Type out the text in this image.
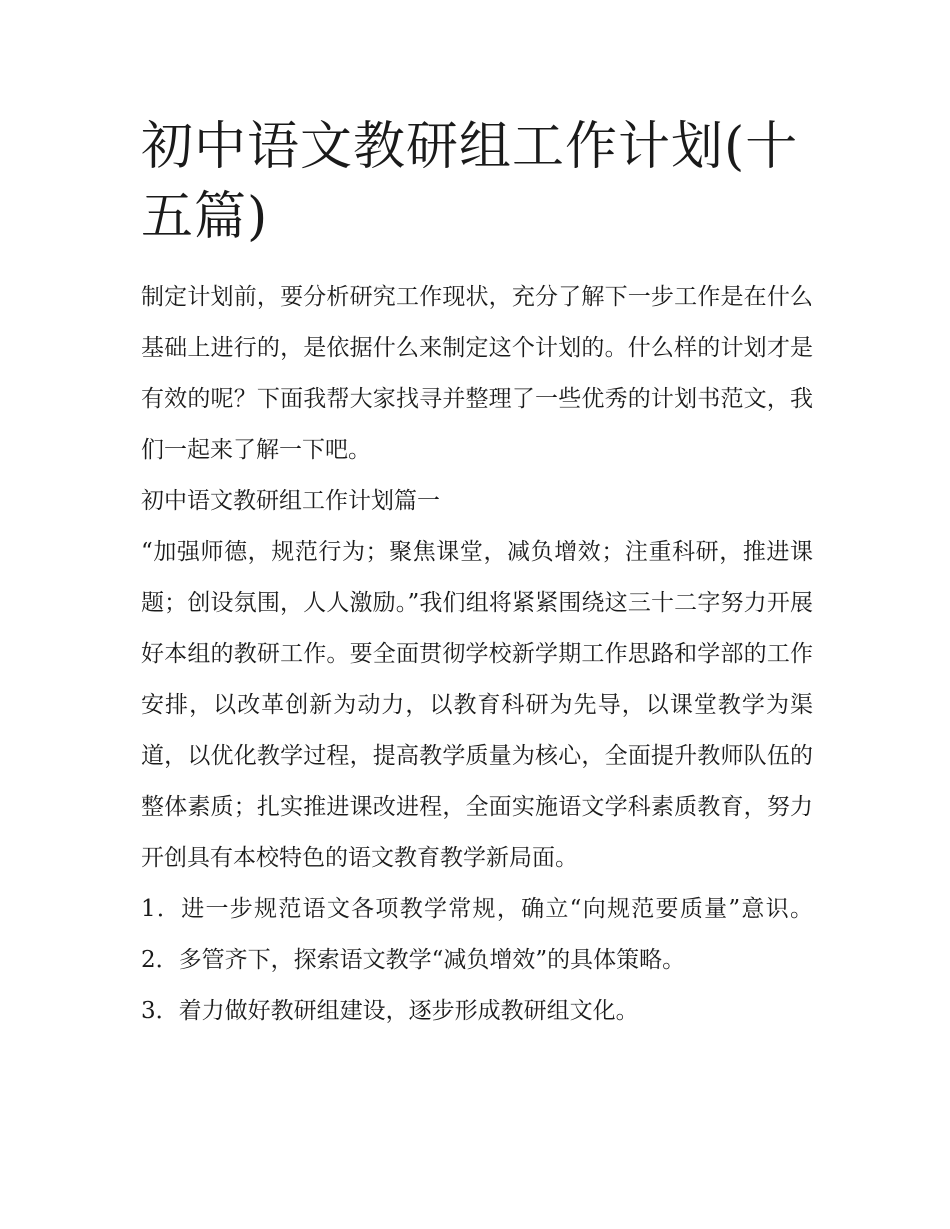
初中语文教研组工作计划(十五篇)

制定计划前，要分析研究工作现状，充分了解下一步工作是在什么基础上进行的，是依据什么来制定这个计划的。什么样的计划才是有效的呢？下面我帮大家找寻并整理了一些优秀的计划书范文，我们一起来了解一下吧。

初中语文教研组工作计划篇一

“加强师德，规范行为；聚焦课堂，减负增效；注重科研，推进课题；创设氛围，人人激励。”我们组将紧紧围绕这三十二字努力开展好本组的教研工作。要全面贯彻学校新学期工作思路和学部的工作安排，以改革创新为动力，以教育科研为先导，以课堂教学为渠道，以优化教学过程，提高教学质量为核心，全面提升教师队伍的整体素质；扎实推进课改进程，全面实施语文学科素质教育，努力开创具有本校特色的语文教育教学新局面。

1．进一步规范语文各项教学常规，确立“向规范要质量”意识。 2．多管齐下，探索语文教学“减负增效”的具体策略。

3．着力做好教研组建设，逐步形成教研组文化。
